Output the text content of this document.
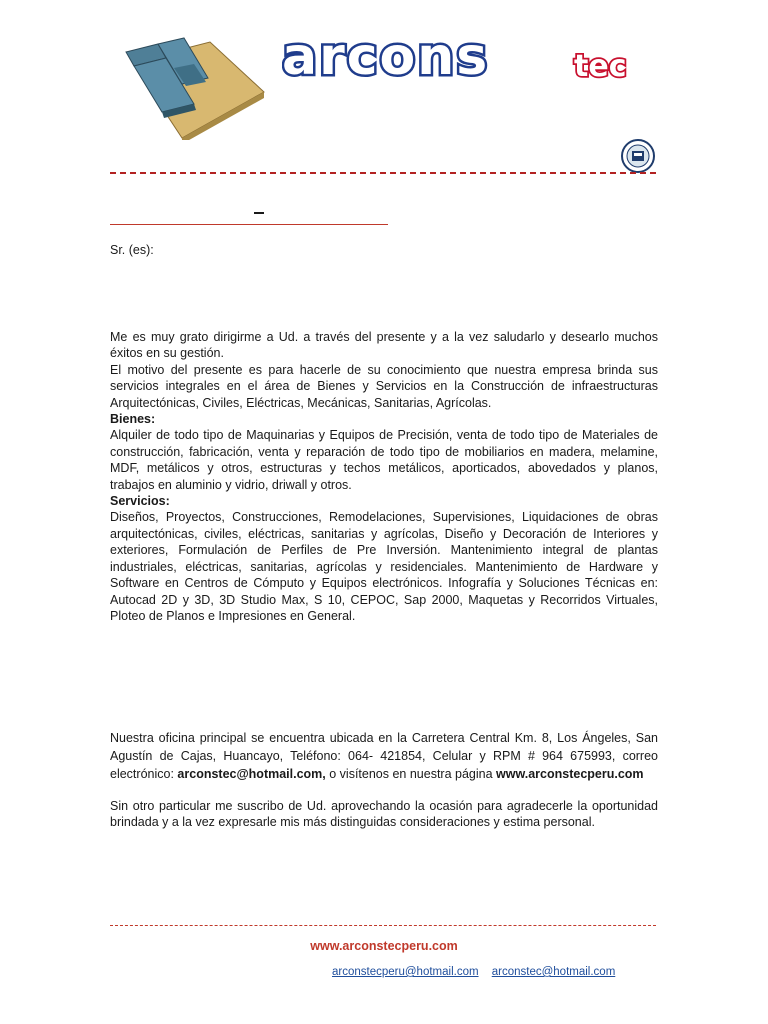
arcons	tec
Sr. (es):

Me es muy grato dirigirme a Ud. a través del presente y a la vez saludarlo y desearlo muchos éxitos en su gestión.

El motivo del presente es para hacerle de su conocimiento que nuestra empresa brinda sus servicios integrales en el área de Bienes y Servicios en la Construcción de infraestructuras Arquitectónicas, Civiles, Eléctricas, Mecánicas, Sanitarias, Agrícolas.

Bienes:

Alquiler de todo tipo de Maquinarias y Equipos de Precisión, venta de todo tipo de Materiales de construcción, fabricación, venta y reparación de todo tipo de mobiliarios en madera, melamine, MDF, metálicos y otros, estructuras y techos metálicos, aporticados, abovedados y planos, trabajos en aluminio y vidrio, driwall y otros.

Servicios:

Diseños, Proyectos, Construcciones, Remodelaciones, Supervisiones, Liquidaciones de obras arquitectónicas, civiles, eléctricas, sanitarias y agrícolas, Diseño y Decoración de Interiores y exteriores, Formulación de Perfiles de Pre Inversión. Mantenimiento integral de plantas industriales, eléctricas, sanitarias, agrícolas y residenciales. Mantenimiento de Hardware y Software en Centros de Cómputo y Equipos electrónicos. Infografía y Soluciones Técnicas en: Autocad 2D y 3D, 3D Studio Max, S 10, CEPOC, Sap 2000, Maquetas y Recorridos Virtuales, Ploteo de Planos e Impresiones en General.

Nuestra oficina principal se encuentra ubicada en la Carretera Central Km. 8, Los Ángeles, San Agustín de Cajas, Huancayo, Teléfono: 064- 421854, Celular y RPM # 964 675993, correo electrónico: arconstec@hotmail.com, o visítenos en nuestra página www.arconstecperu.com
Sin otro particular me suscribo de Ud. aprovechando la ocasión para agradecerle la oportunidad brindada y a la vez expresarle mis más distinguidas consideraciones y estima personal.
www.arconstecperu.com
arconstecperu@hotmail.com arconstec@hotmail.com
